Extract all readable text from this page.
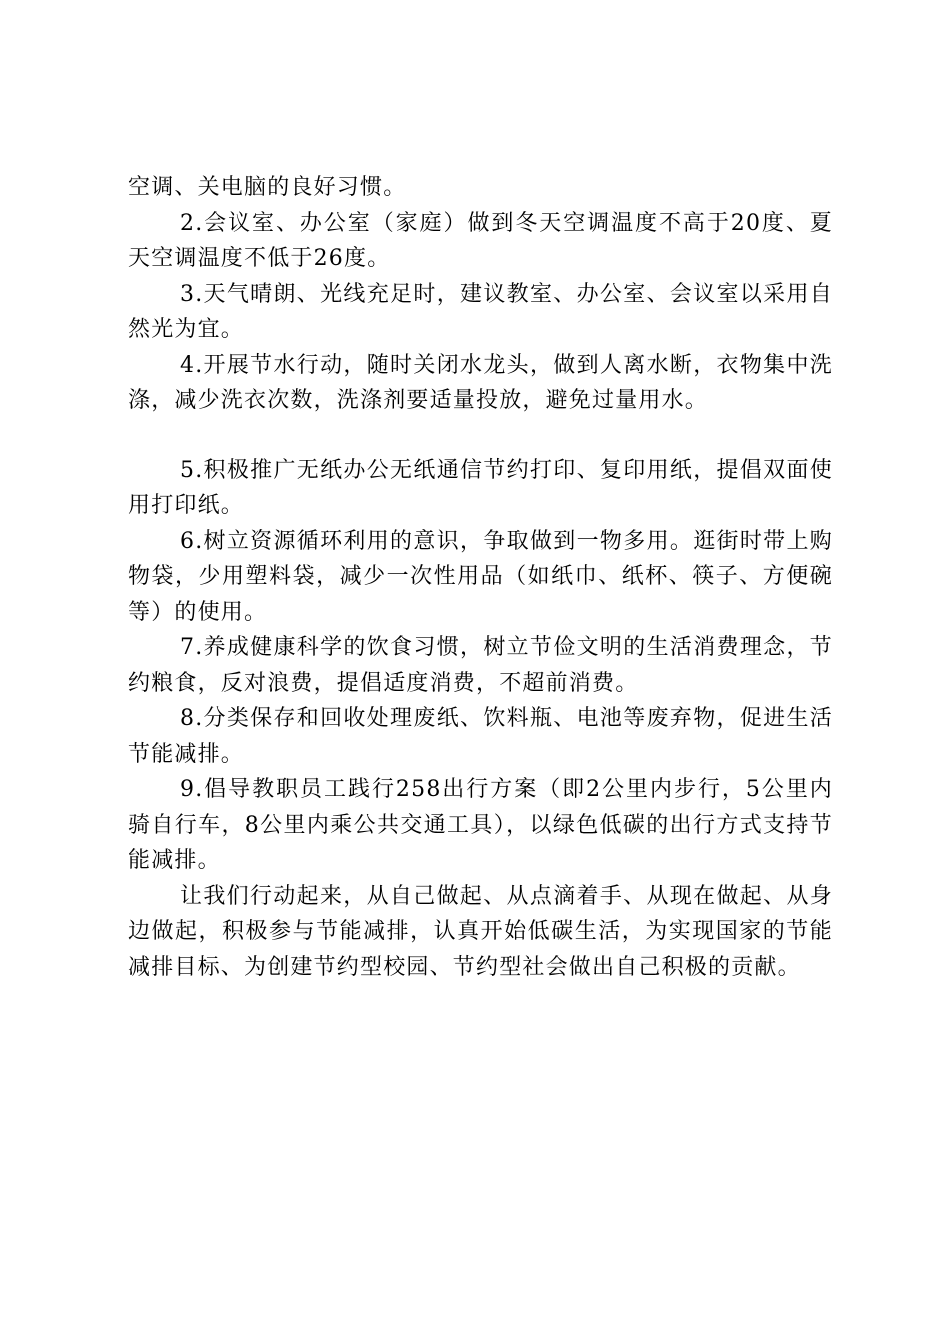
空调、关电脑的良好习惯。

2.会议室、办公室（家庭）做到冬天空调温度不高于20度、夏天空调温度不低于26度。

3.天气晴朗、光线充足时，建议教室、办公室、会议室以采用自然光为宜。

4.开展节水行动，随时关闭水龙头，做到人离水断，衣物集中洗涤，减少洗衣次数，洗涤剂要适量投放，避免过量用水。

5.积极推广无纸办公无纸通信节约打印、复印用纸，提倡双面使用打印纸。

6.树立资源循环利用的意识，争取做到一物多用。逛街时带上购物袋，少用塑料袋，减少一次性用品（如纸巾、纸杯、筷子、方便碗等）的使用。

7.养成健康科学的饮食习惯，树立节俭文明的生活消费理念，节约粮食，反对浪费，提倡适度消费，不超前消费。

8.分类保存和回收处理废纸、饮料瓶、电池等废弃物，促进生活节能减排。

9.倡导教职员工践行258出行方案（即2公里内步行，5公里内骑自行车，8公里内乘公共交通工具），以绿色低碳的出行方式支持节能减排。

让我们行动起来，从自己做起、从点滴着手、从现在做起、从身边做起，积极参与节能减排，认真开始低碳生活，为实现国家的节能减排目标、为创建节约型校园、节约型社会做出自己积极的贡献。
